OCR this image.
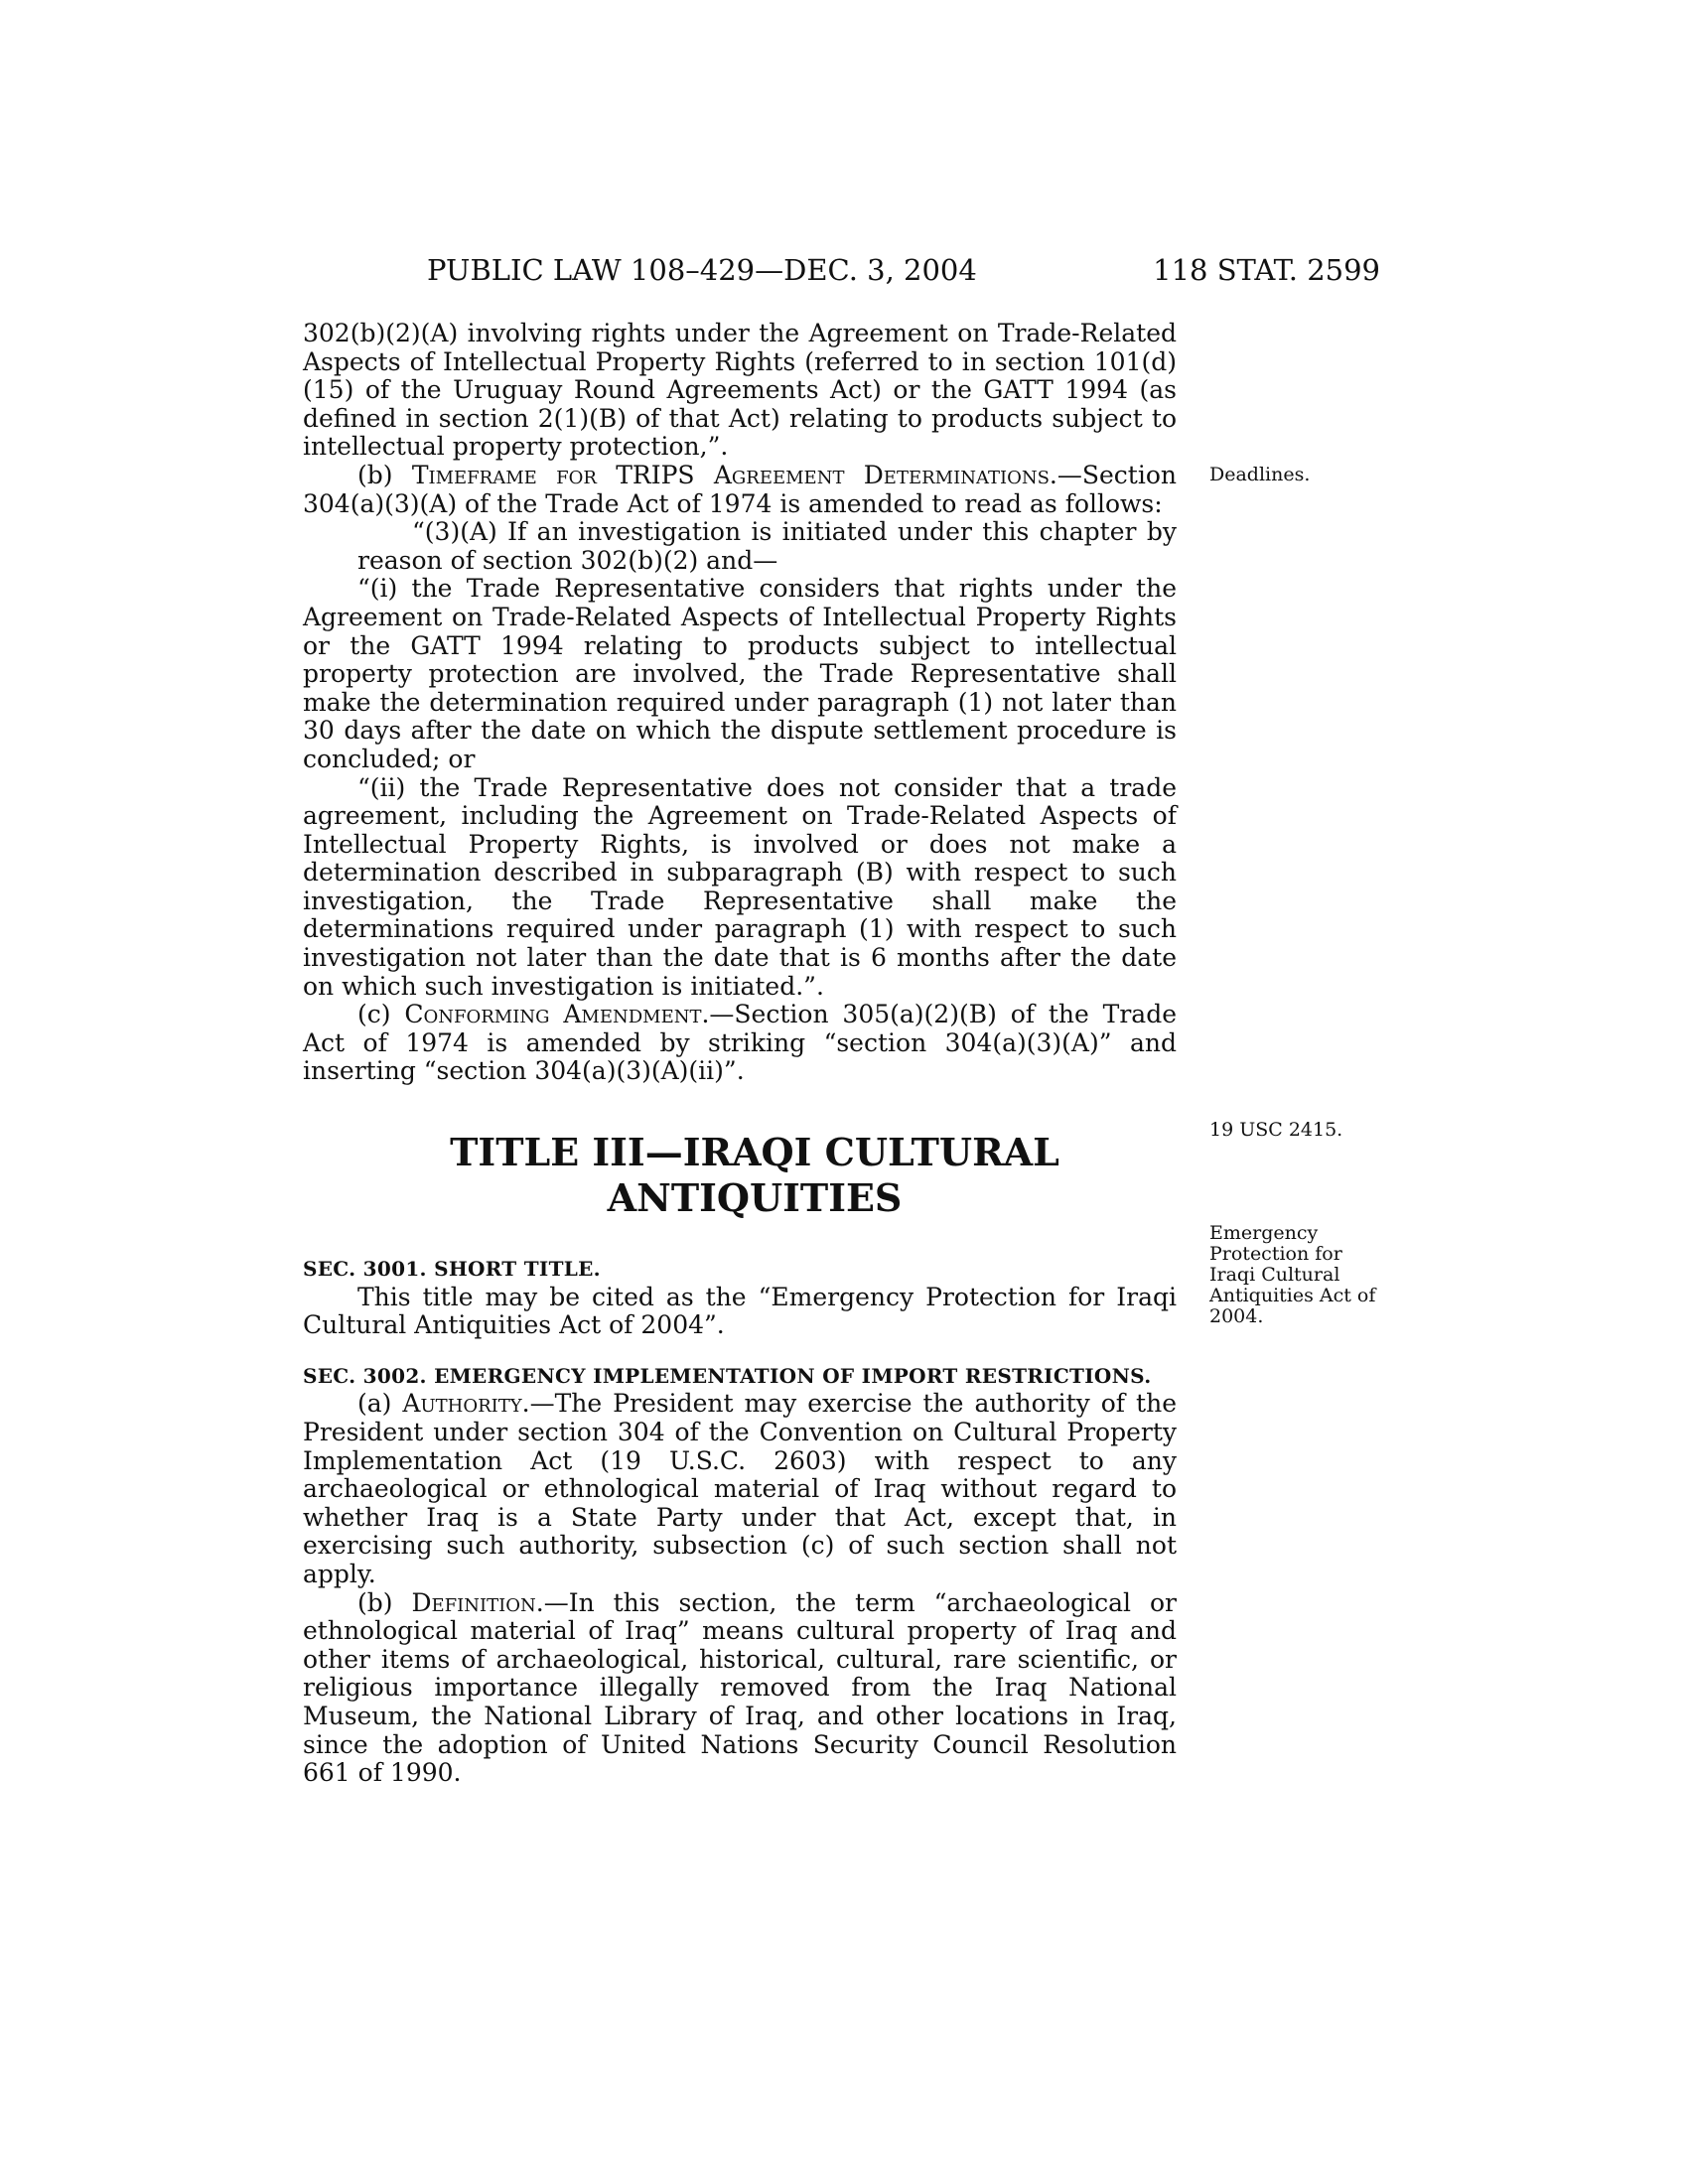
PUBLIC LAW 108–429—DEC. 3, 2004	118 STAT. 2599

302(b)(2)(A) involving rights under the Agreement on Trade-Related Aspects of Intellectual Property Rights (referred to in section 101(d)(15) of the Uruguay Round Agreements Act) or the GATT 1994 (as defined in section 2(1)(B) of that Act) relating to products subject to intellectual property protection,”.

(b) Timeframe for TRIPS Agreement Determinations.—Section 304(a)(3)(A) of the Trade Act of 1974 is amended to read as follows:

“(3)(A) If an investigation is initiated under this chapter by reason of section 302(b)(2) and—

“(i) the Trade Representative considers that rights under the Agreement on Trade-Related Aspects of Intellectual Property Rights or the GATT 1994 relating to products subject to intellectual property protection are involved, the Trade Representative shall make the determination required under paragraph (1) not later than 30 days after the date on which the dispute settlement procedure is concluded; or

“(ii) the Trade Representative does not consider that a trade agreement, including the Agreement on Trade-Related Aspects of Intellectual Property Rights, is involved or does not make a determination described in subparagraph (B) with respect to such investigation, the Trade Representative shall make the determinations required under paragraph (1) with respect to such investigation not later than the date that is 6 months after the date on which such investigation is initiated.”.

(c) Conforming Amendment.—Section 305(a)(2)(B) of the Trade Act of 1974 is amended by striking “section 304(a)(3)(A)” and inserting “section 304(a)(3)(A)(ii)”.

TITLE III—IRAQI CULTURAL
ANTIQUITIES

SEC. 3001. SHORT TITLE.

This title may be cited as the “Emergency Protection for Iraqi Cultural Antiquities Act of 2004”.

SEC. 3002. EMERGENCY IMPLEMENTATION OF IMPORT RESTRICTIONS.

(a) Authority.—The President may exercise the authority of the President under section 304 of the Convention on Cultural Property Implementation Act (19 U.S.C. 2603) with respect to any archaeological or ethnological material of Iraq without regard to whether Iraq is a State Party under that Act, except that, in exercising such authority, subsection (c) of such section shall not apply.

(b) Definition.—In this section, the term “archaeological or ethnological material of Iraq” means cultural property of Iraq and other items of archaeological, historical, cultural, rare scientific, or religious importance illegally removed from the Iraq National Museum, the National Library of Iraq, and other locations in Iraq, since the adoption of United Nations Security Council Resolution 661 of 1990.

Deadlines.
19 USC 2415.
Emergency Protection for Iraqi Cultural Antiquities Act of 2004.
